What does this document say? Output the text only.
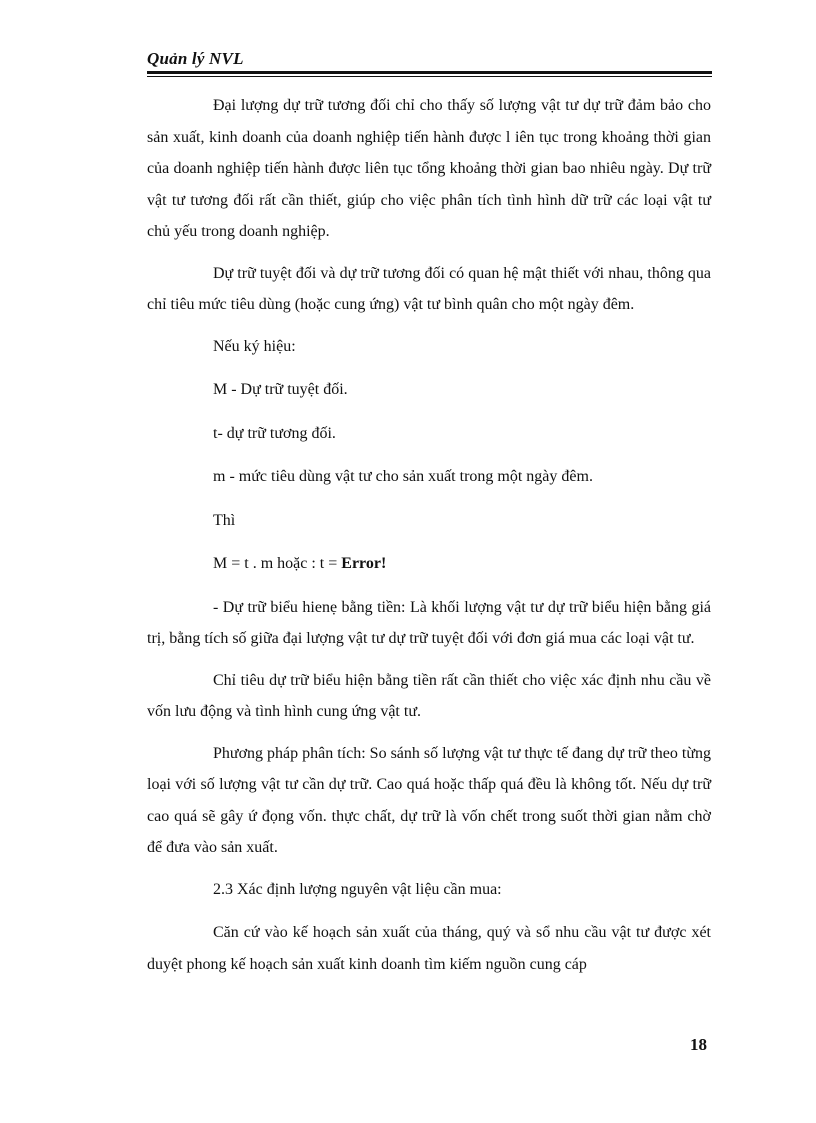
Quản lý NVL

Đại lượng dự trữ tương đối chỉ cho thấy số lượng vật tư dự trữ đảm bảo cho sản xuất, kinh doanh của doanh nghiệp tiến hành được l iên tục trong khoảng thời gian của doanh nghiệp tiến hành được liên tục tổng khoảng thời gian bao nhiêu ngày. Dự trữ vật tư tương đối rất cần thiết, giúp cho việc phân tích tình hình dữ trữ các loại vật tư chủ yếu trong doanh nghiệp.

Dự trữ tuyệt đối và dự trữ tương đối có quan hệ mật thiết với nhau, thông qua chỉ tiêu mức tiêu dùng (hoặc cung ứng) vật tư bình quân cho một ngày đêm.

Nếu ký hiệu:

M - Dự trữ tuyệt đối.

t- dự trữ tương đối.

m - mức tiêu dùng vật tư cho sản xuất trong một ngày đêm.

Thì

M = t . m hoặc : t = Error!

- Dự trữ biểu hienẹ bằng tiền: Là khối lượng vật tư dự trữ biểu hiện bằng giá trị, bằng tích số giữa đại lượng vật tư dự trữ tuyệt đối với đơn giá mua các loại vật tư.

Chỉ tiêu dự trữ biểu hiện bằng tiền rất cần thiết cho việc xác định nhu cầu về vốn lưu động và tình hình cung ứng vật tư.

Phương pháp phân tích: So sánh số lượng vật tư thực tế đang dự trữ theo từng loại với số lượng vật tư cần dự trữ. Cao quá hoặc thấp quá đều là không tốt. Nếu dự trữ cao quá sẽ gây ứ đọng vốn. thực chất, dự trữ là vốn chết trong suốt thời gian nằm chờ để đưa vào sản xuất.

2.3 Xác định lượng nguyên vật liệu cần mua:

Căn cứ vào kế hoạch sản xuất của tháng, quý và sổ nhu cầu vật tư được xét duyệt phong kế hoạch sản xuất kinh doanh tìm kiếm nguồn cung cáp

18
